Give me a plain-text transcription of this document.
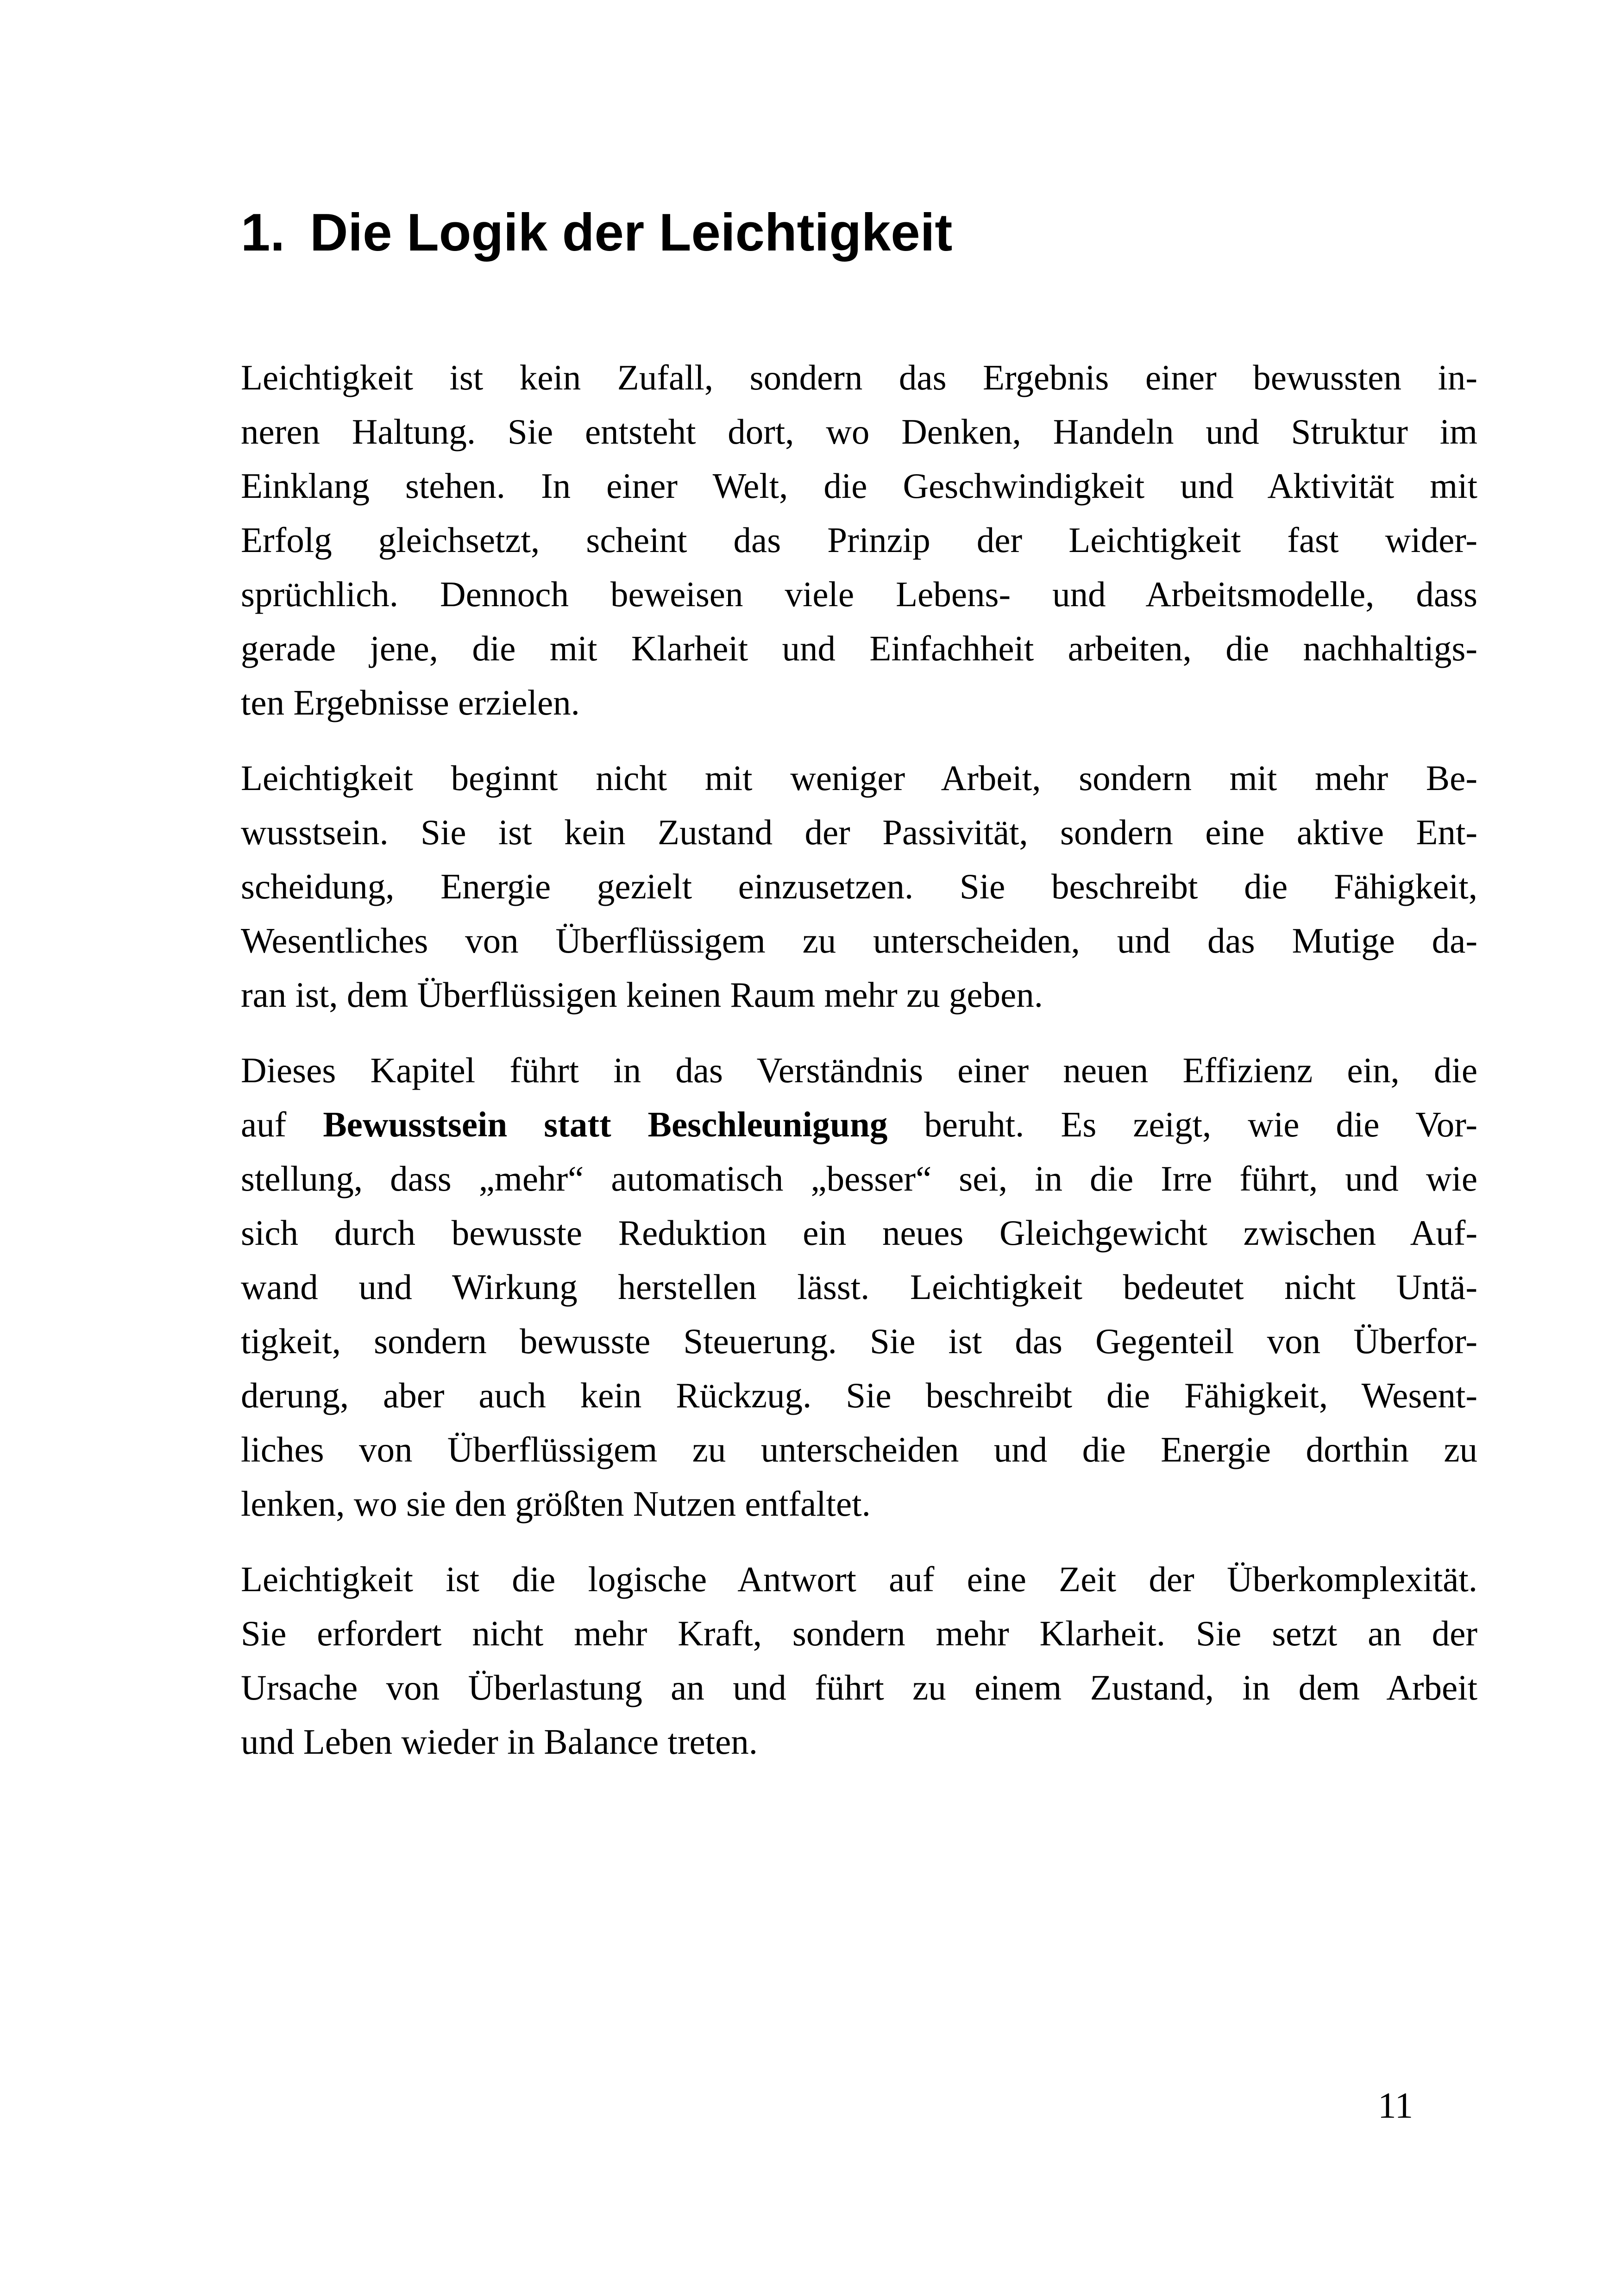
1. Die Logik der Leichtigkeit
Leichtigkeit ist kein Zufall, sondern das Ergebnis einer bewussten in-
neren Haltung. Sie entsteht dort, wo Denken, Handeln und Struktur im
Einklang stehen. In einer Welt, die Geschwindigkeit und Aktivität mit
Erfolg gleichsetzt, scheint das Prinzip der Leichtigkeit fast wider-
sprüchlich. Dennoch beweisen viele Lebens- und Arbeitsmodelle, dass
gerade jene, die mit Klarheit und Einfachheit arbeiten, die nachhaltigs-
ten Ergebnisse erzielen.
Leichtigkeit beginnt nicht mit weniger Arbeit, sondern mit mehr Be-
wusstsein. Sie ist kein Zustand der Passivität, sondern eine aktive Ent-
scheidung, Energie gezielt einzusetzen. Sie beschreibt die Fähigkeit,
Wesentliches von Überflüssigem zu unterscheiden, und das Mutige da-
ran ist, dem Überflüssigen keinen Raum mehr zu geben.
Dieses Kapitel führt in das Verständnis einer neuen Effizienz ein, die
auf Bewusstsein statt Beschleunigung beruht. Es zeigt, wie die Vor-
stellung, dass „mehr“ automatisch „besser“ sei, in die Irre führt, und wie
sich durch bewusste Reduktion ein neues Gleichgewicht zwischen Auf-
wand und Wirkung herstellen lässt. Leichtigkeit bedeutet nicht Untä-
tigkeit, sondern bewusste Steuerung. Sie ist das Gegenteil von Überfor-
derung, aber auch kein Rückzug. Sie beschreibt die Fähigkeit, Wesent-
liches von Überflüssigem zu unterscheiden und die Energie dorthin zu
lenken, wo sie den größten Nutzen entfaltet.
Leichtigkeit ist die logische Antwort auf eine Zeit der Überkomplexität.
Sie erfordert nicht mehr Kraft, sondern mehr Klarheit. Sie setzt an der
Ursache von Überlastung an und führt zu einem Zustand, in dem Arbeit
und Leben wieder in Balance treten.
11
